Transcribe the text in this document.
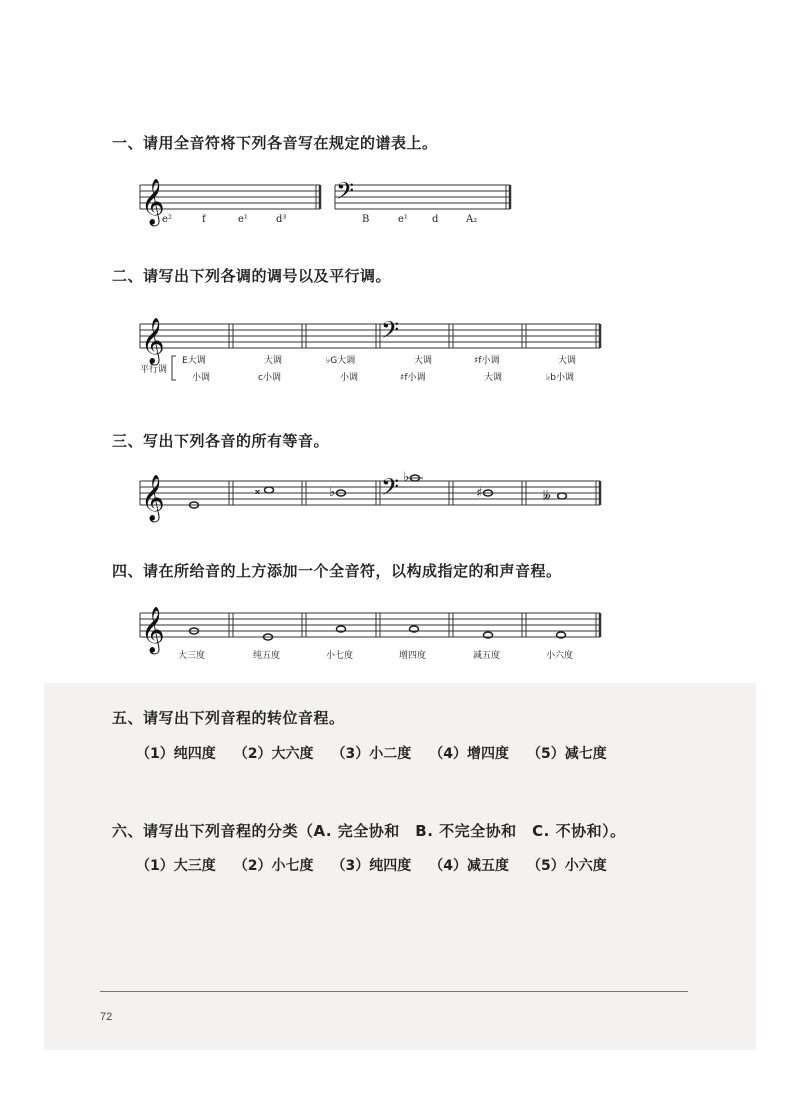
一、请用全音符将下列各音写在规定的谱表上。
𝄞	𝄢
e²	f	e¹	d³	B	e¹ d	A₂
二、请写出下列各调的调号以及平行调。
𝄞	𝄢
平行调
E大调	大调	♭G大调	大调	♯f小调	大调
小调	c小调	小调	♯f小调	大调	♭b小调
三、写出下列各音的所有等音。
𝄞	𝄢
𝄪	♭
♭
♯	𝄫
四、请在所给音的上方添加一个全音符，以构成指定的和声音程。
𝄞
大三度	纯五度	小七度	增四度	减五度	小六度
五、请写出下列音程的转位音程。
（1）纯四度 （2）大六度 （3）小二度 （4）增四度 （5）减七度
六、请写出下列音程的分类（A. 完全协和　B. 不完全协和　C. 不协和）。
（1）大三度 （2）小七度 （3）纯四度 （4）减五度 （5）小六度
72
